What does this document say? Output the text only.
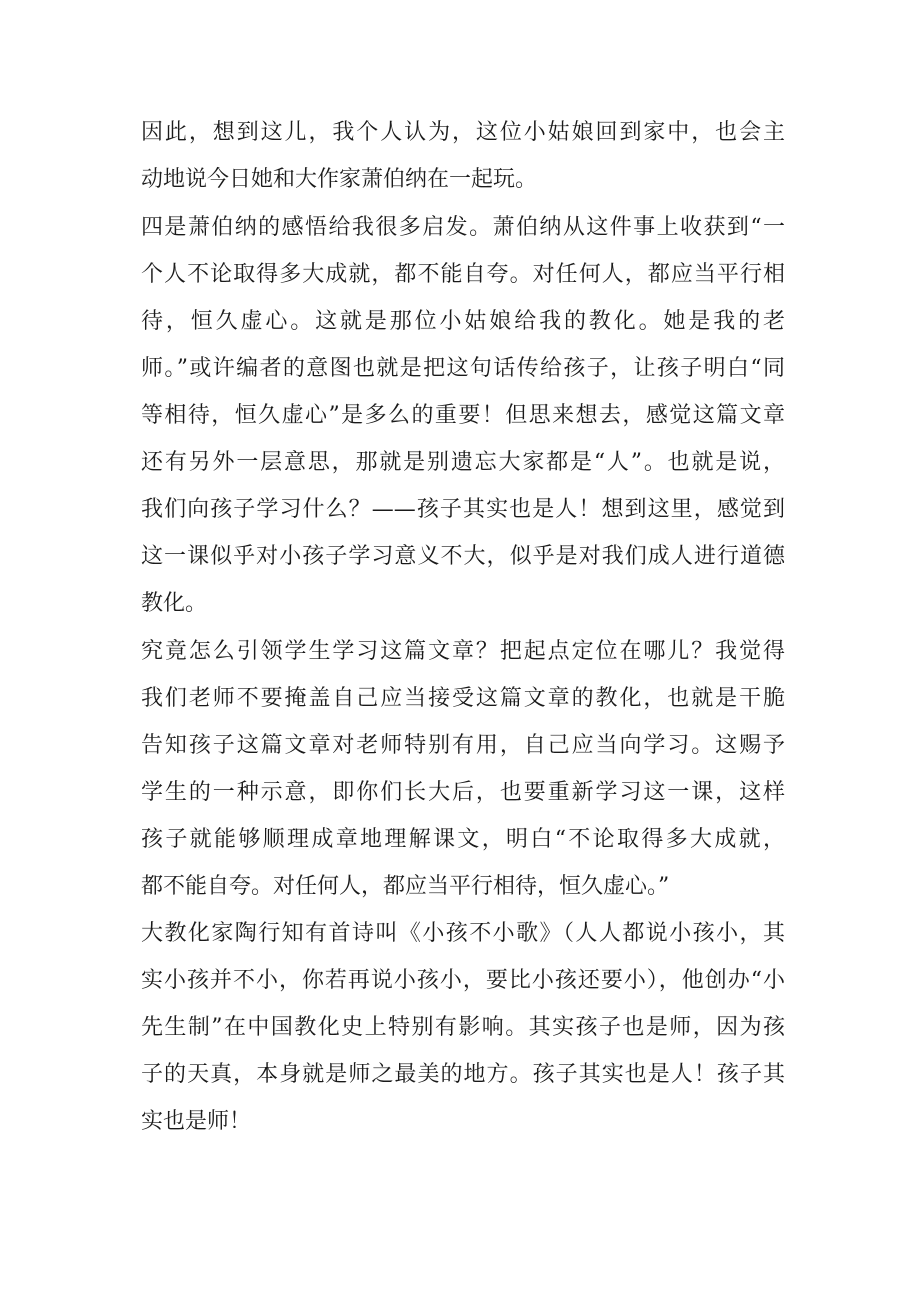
因此，想到这儿，我个人认为，这位小姑娘回到家中，也会主
动地说今日她和大作家萧伯纳在一起玩。
四是萧伯纳的感悟给我很多启发。萧伯纳从这件事上收获到“一
个人不论取得多大成就，都不能自夸。对任何人，都应当平行相
待，恒久虚心。这就是那位小姑娘给我的教化。她是我的老
师。”或许编者的意图也就是把这句话传给孩子，让孩子明白“同
等相待，恒久虚心”是多么的重要！但思来想去，感觉这篇文章
还有另外一层意思，那就是别遗忘大家都是“人”。也就是说，
我们向孩子学习什么？——孩子其实也是人！想到这里，感觉到
这一课似乎对小孩子学习意义不大，似乎是对我们成人进行道德
教化。
究竟怎么引领学生学习这篇文章？把起点定位在哪儿？我觉得
我们老师不要掩盖自己应当接受这篇文章的教化，也就是干脆
告知孩子这篇文章对老师特别有用，自己应当向学习。这赐予
学生的一种示意，即你们长大后，也要重新学习这一课，这样
孩子就能够顺理成章地理解课文，明白“不论取得多大成就，
都不能自夸。对任何人，都应当平行相待，恒久虚心。”
大教化家陶行知有首诗叫《小孩不小歌》（人人都说小孩小，其
实小孩并不小，你若再说小孩小，要比小孩还要小），他创办“小
先生制”在中国教化史上特别有影响。其实孩子也是师，因为孩
子的天真，本身就是师之最美的地方。孩子其实也是人！孩子其
实也是师！
